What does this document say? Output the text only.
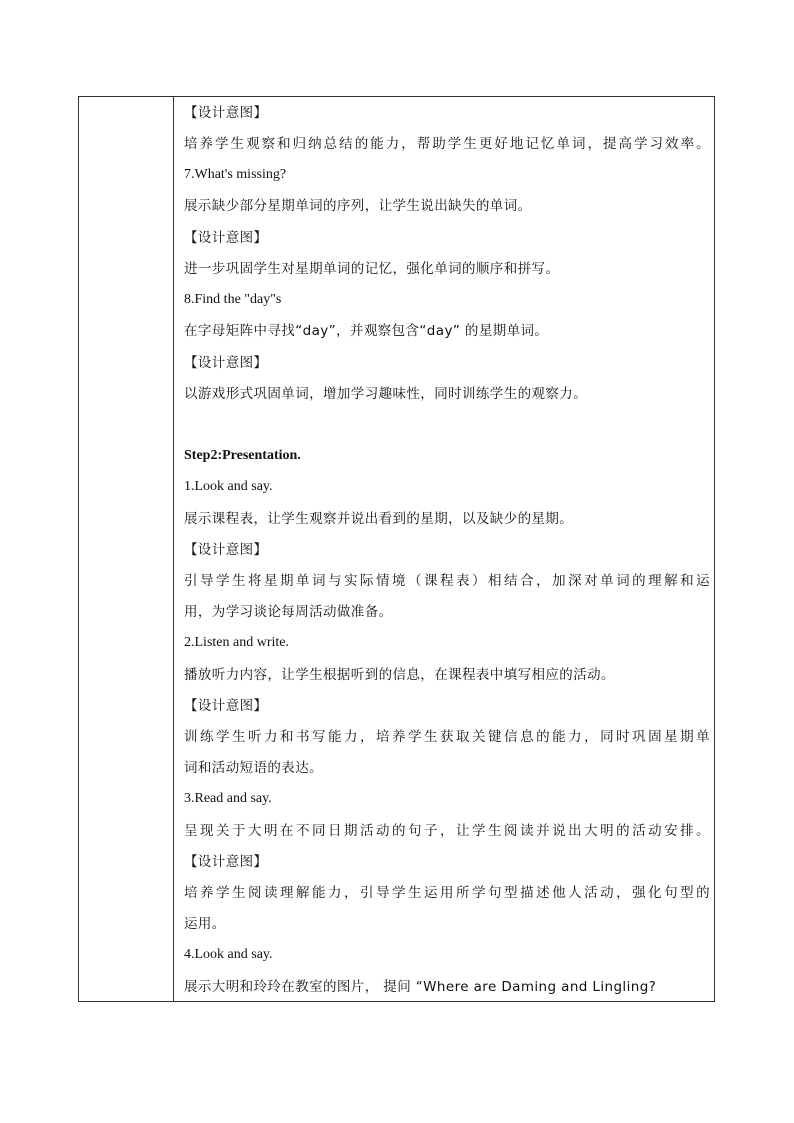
【设计意图】
培养学生观察和归纳总结的能力，帮助学生更好地记忆单词，提高学习效率。
7.What's missing?
展示缺少部分星期单词的序列，让学生说出缺失的单词。
【设计意图】
进一步巩固学生对星期单词的记忆，强化单词的顺序和拼写。
8.Find the "day"s
在字母矩阵中寻找“day”，并观察包含“day” 的星期单词。
【设计意图】
以游戏形式巩固单词，增加学习趣味性，同时训练学生的观察力。
Step2:Presentation.
1.Look and say.
展示课程表，让学生观察并说出看到的星期，以及缺少的星期。
【设计意图】
引导学生将星期单词与实际情境（课程表）相结合，加深对单词的理解和运
用，为学习谈论每周活动做准备。
2.Listen and write.
播放听力内容，让学生根据听到的信息，在课程表中填写相应的活动。
【设计意图】
训练学生听力和书写能力，培养学生获取关键信息的能力，同时巩固星期单
词和活动短语的表达。
3.Read and say.
呈现关于大明在不同日期活动的句子，让学生阅读并说出大明的活动安排。
【设计意图】
培养学生阅读理解能力，引导学生运用所学句型描述他人活动，强化句型的
运用。
4.Look and say.
展示大明和玲玲在教室的图片， 提问 “Where are Daming and Lingling?
